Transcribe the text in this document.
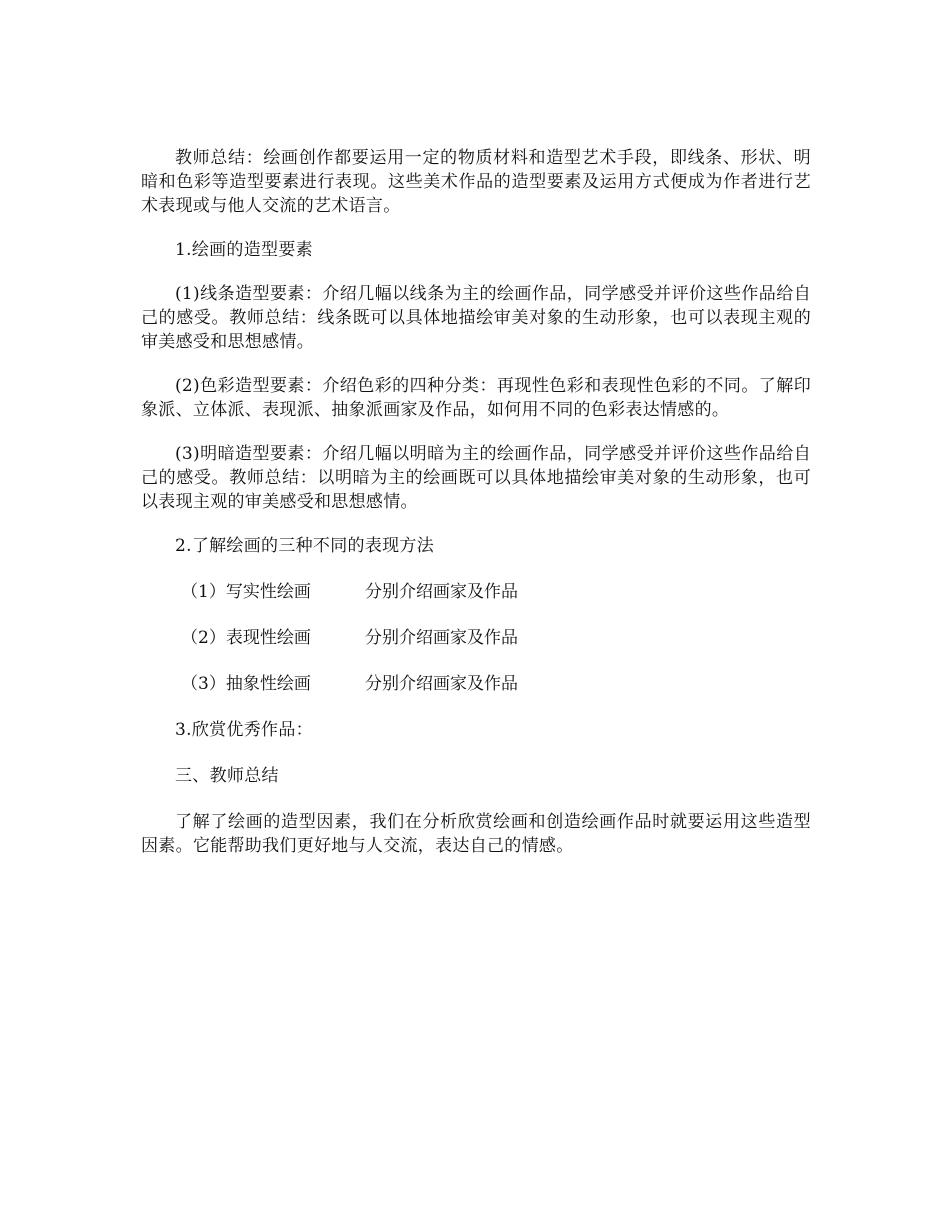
教师总结：绘画创作都要运用一定的物质材料和造型艺术手段，即线条、形状、明暗和色彩等造型要素进行表现。这些美术作品的造型要素及运用方式便成为作者进行艺术表现或与他人交流的艺术语言。

1.绘画的造型要素

(1)线条造型要素：介绍几幅以线条为主的绘画作品，同学感受并评价这些作品给自己的感受。教师总结：线条既可以具体地描绘审美对象的生动形象，也可以表现主观的审美感受和思想感情。

(2)色彩造型要素：介绍色彩的四种分类：再现性色彩和表现性色彩的不同。了解印象派、立体派、表现派、抽象派画家及作品，如何用不同的色彩表达情感的。

(3)明暗造型要素：介绍几幅以明暗为主的绘画作品，同学感受并评价这些作品给自己的感受。教师总结：以明暗为主的绘画既可以具体地描绘审美对象的生动形象，也可以表现主观的审美感受和思想感情。

2.了解绘画的三种不同的表现方法

（1）写实性绘画	分别介绍画家及作品
（2）表现性绘画	分别介绍画家及作品
（3）抽象性绘画	分别介绍画家及作品

3.欣赏优秀作品：

三、教师总结

了解了绘画的造型因素，我们在分析欣赏绘画和创造绘画作品时就要运用这些造型因素。它能帮助我们更好地与人交流，表达自己的情感。
